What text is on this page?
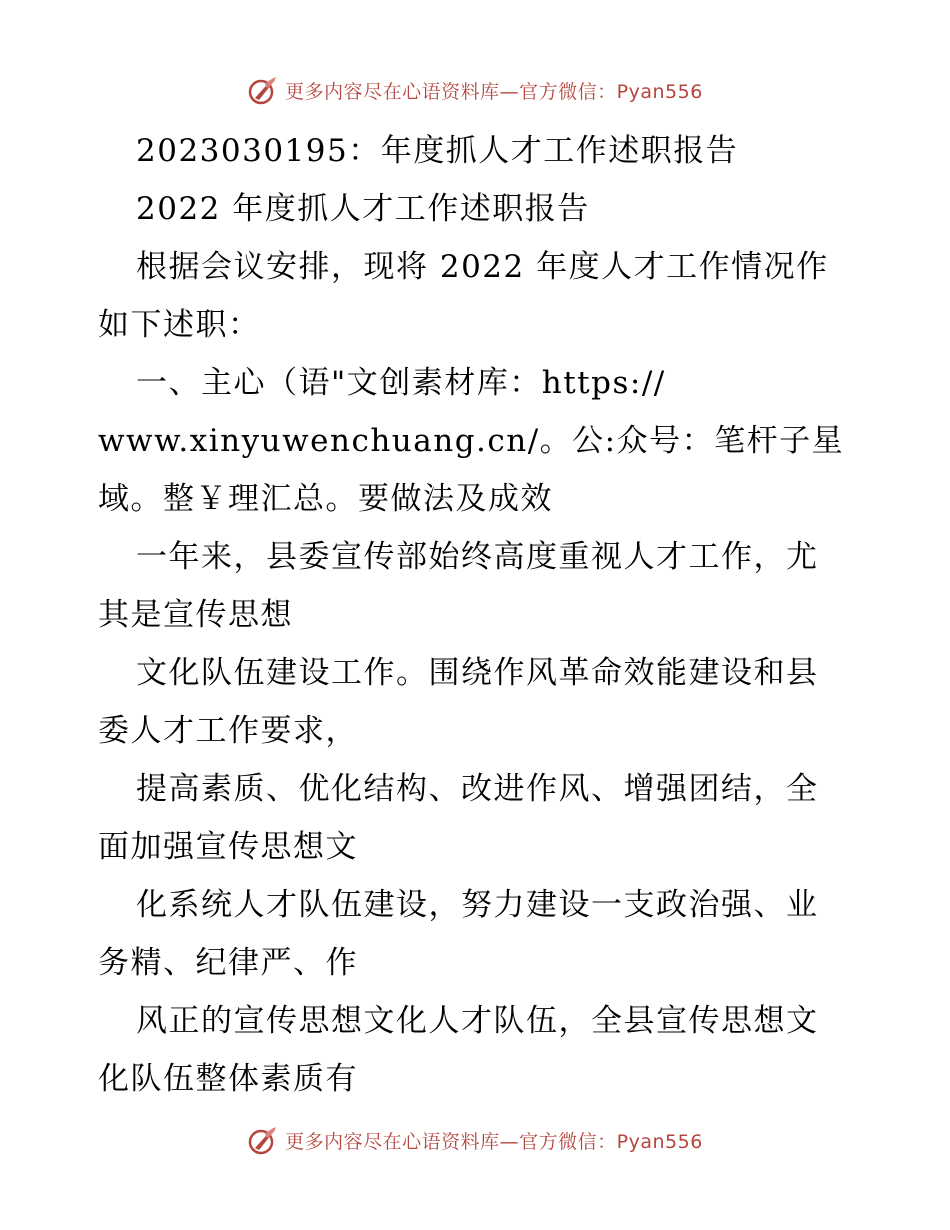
更多内容尽在心语资料库—官方微信：Pyan556
2023030195：年度抓人才工作述职报告
2022 年度抓人才工作述职报告
根据会议安排，现将 2022 年度人才工作情况作
如下述职：
一、主心（语"文创素材库：https://
www.xinyuwenchuang.cn/。公:众号：笔杆子星
域。整￥理汇总。要做法及成效
一年来，县委宣传部始终高度重视人才工作，尤
其是宣传思想
文化队伍建设工作。围绕作风革命效能建设和县
委人才工作要求，
提高素质、优化结构、改进作风、增强团结，全
面加强宣传思想文
化系统人才队伍建设，努力建设一支政治强、业
务精、纪律严、作
风正的宣传思想文化人才队伍，全县宣传思想文
化队伍整体素质有
更多内容尽在心语资料库—官方微信：Pyan556
